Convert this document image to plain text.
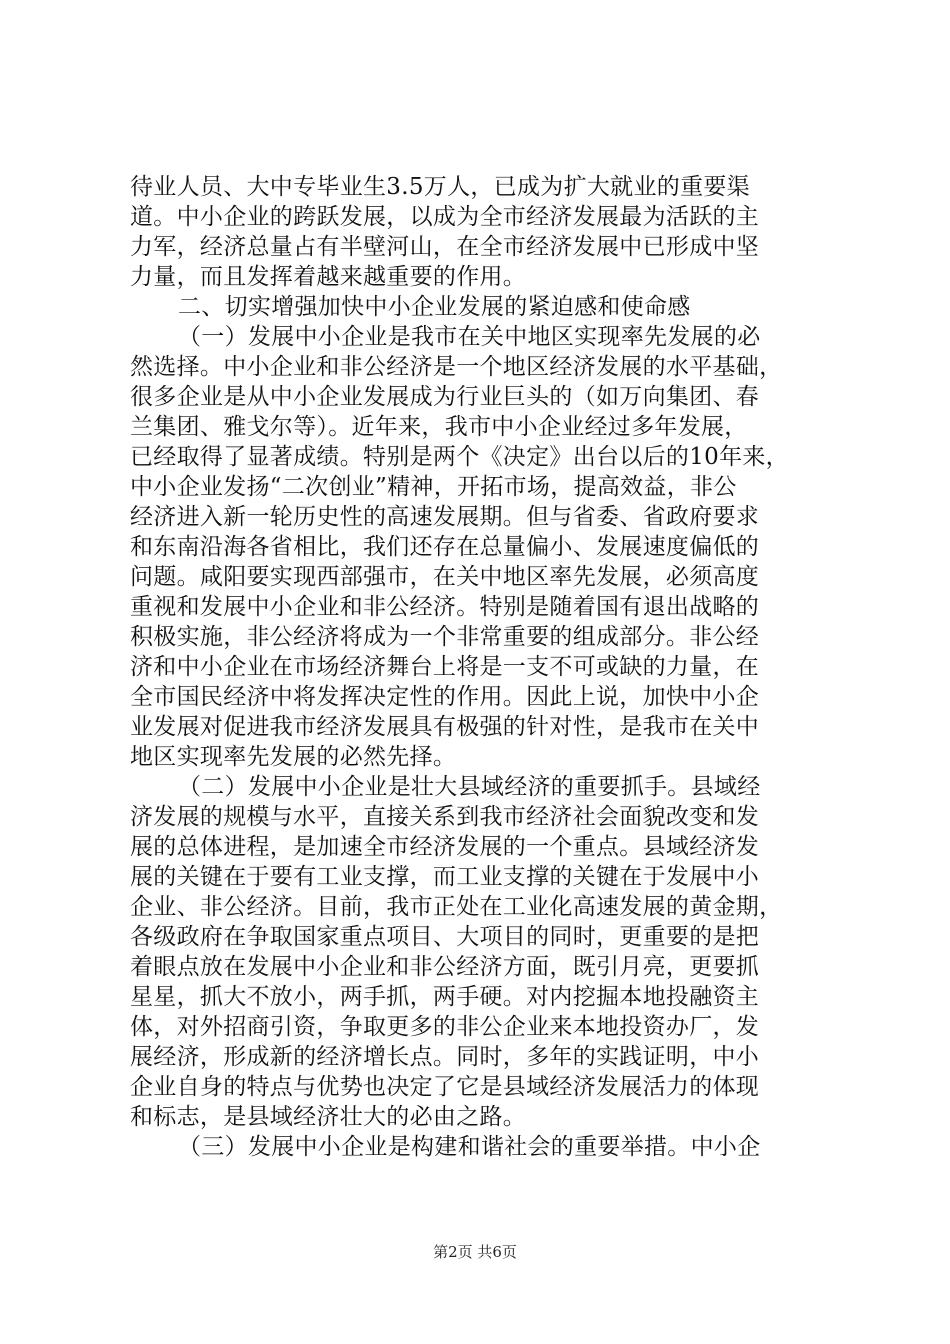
待业人员、大中专毕业生3.5万人，已成为扩大就业的重要渠
道。中小企业的跨跃发展，以成为全市经济发展最为活跃的主
力军，经济总量占有半壁河山，在全市经济发展中已形成中坚
力量，而且发挥着越来越重要的作用。
二、切实增强加快中小企业发展的紧迫感和使命感
（一）发展中小企业是我市在关中地区实现率先发展的必
然选择。中小企业和非公经济是一个地区经济发展的水平基础，
很多企业是从中小企业发展成为行业巨头的（如万向集团、春
兰集团、雅戈尔等）。近年来，我市中小企业经过多年发展，
已经取得了显著成绩。特别是两个《决定》出台以后的10年来，
中小企业发扬“二次创业”精神，开拓市场，提高效益，非公
经济进入新一轮历史性的高速发展期。但与省委、省政府要求
和东南沿海各省相比，我们还存在总量偏小、发展速度偏低的
问题。咸阳要实现西部强市，在关中地区率先发展，必须高度
重视和发展中小企业和非公经济。特别是随着国有退出战略的
积极实施，非公经济将成为一个非常重要的组成部分。非公经
济和中小企业在市场经济舞台上将是一支不可或缺的力量，在
全市国民经济中将发挥决定性的作用。因此上说，加快中小企
业发展对促进我市经济发展具有极强的针对性，是我市在关中
地区实现率先发展的必然先择。
（二）发展中小企业是壮大县域经济的重要抓手。县域经
济发展的规模与水平，直接关系到我市经济社会面貌改变和发
展的总体进程，是加速全市经济发展的一个重点。县域经济发
展的关键在于要有工业支撑，而工业支撑的关键在于发展中小
企业、非公经济。目前，我市正处在工业化高速发展的黄金期，
各级政府在争取国家重点项目、大项目的同时，更重要的是把
着眼点放在发展中小企业和非公经济方面，既引月亮，更要抓
星星，抓大不放小，两手抓，两手硬。对内挖掘本地投融资主
体，对外招商引资，争取更多的非公企业来本地投资办厂，发
展经济，形成新的经济增长点。同时，多年的实践证明，中小
企业自身的特点与优势也决定了它是县域经济发展活力的体现
和标志，是县域经济壮大的必由之路。
（三）发展中小企业是构建和谐社会的重要举措。中小企
第2页 共6页
